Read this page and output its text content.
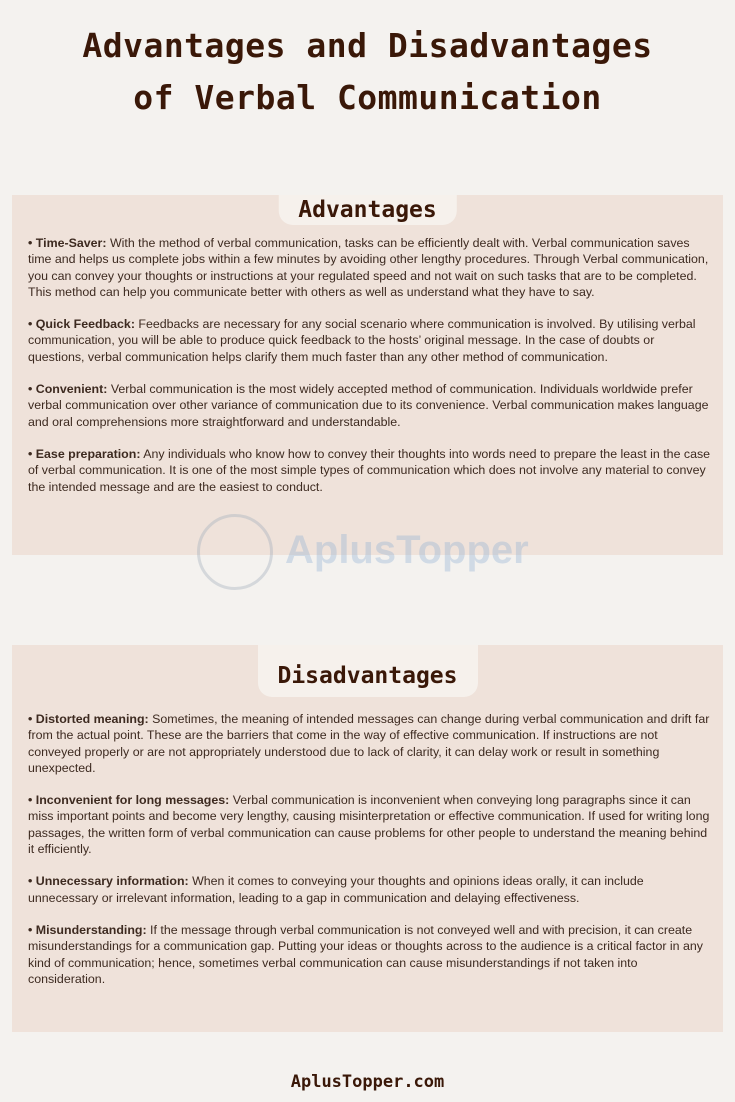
Advantages and Disadvantages
of Verbal Communication
Advantages

• Time-Saver: With the method of verbal communication, tasks can be efficiently dealt with. Verbal communication saves time and helps us complete jobs within a few minutes by avoiding other lengthy procedures. Through Verbal communication, you can convey your thoughts or instructions at your regulated speed and not wait on such tasks that are to be completed. This method can help you communicate better with others as well as understand what they have to say.

• Quick Feedback: Feedbacks are necessary for any social scenario where communication is involved. By utilising verbal communication, you will be able to produce quick feedback to the hosts’ original message. In the case of doubts or questions, verbal communication helps clarify them much faster than any other method of communication.

• Convenient: Verbal communication is the most widely accepted method of communication. Individuals worldwide prefer verbal communication over other variance of communication due to its convenience. Verbal communication makes language and oral comprehensions more straightforward and understandable.

• Ease preparation: Any individuals who know how to convey their thoughts into words need to prepare the least in the case of verbal communication. It is one of the most simple types of communication which does not involve any material to convey the intended message and are the easiest to conduct.

AplusTopper
Disadvantages

• Distorted meaning: Sometimes, the meaning of intended messages can change during verbal communication and drift far from the actual point. These are the barriers that come in the way of effective communication. If instructions are not conveyed properly or are not appropriately understood due to lack of clarity, it can delay work or result in something unexpected.

• Inconvenient for long messages: Verbal communication is inconvenient when conveying long paragraphs since it can miss important points and become very lengthy, causing misinterpretation or effective communication. If used for writing long passages, the written form of verbal communication can cause problems for other people to understand the meaning behind it efficiently.

• Unnecessary information: When it comes to conveying your thoughts and opinions ideas orally, it can include unnecessary or irrelevant information, leading to a gap in communication and delaying effectiveness.

• Misunderstanding: If the message through verbal communication is not conveyed well and with precision, it can create misunderstandings for a communication gap. Putting your ideas or thoughts across to the audience is a critical factor in any kind of communication; hence, sometimes verbal communication can cause misunderstandings if not taken into consideration.

AplusTopper.com
